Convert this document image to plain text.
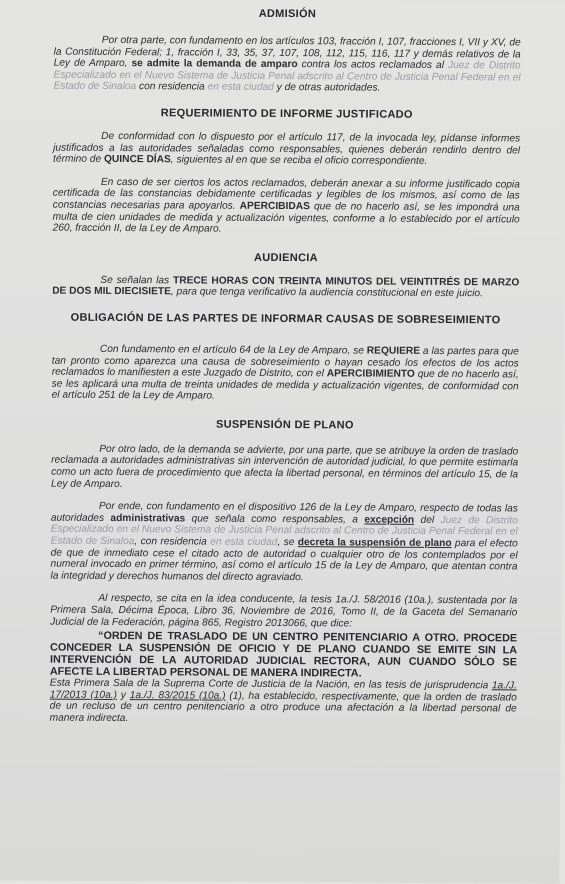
ADMISIÓN

Por otra parte, con fundamento en los artículos 103, fracción I, 107, fracciones I, VII y XV, de la Constitución Federal; 1, fracción I, 33, 35, 37, 107, 108, 112, 115, 116, 117 y demás relativos de la Ley de Amparo, se admite la demanda de amparo contra los actos reclamados al Juez de Distrito Especializado en el Nuevo Sistema de Justicia Penal adscrito al Centro de Justicia Penal Federal en el Estado de Sinaloa con residencia en esta ciudad y de otras autoridades.

REQUERIMIENTO DE INFORME JUSTIFICADO

De conformidad con lo dispuesto por el artículo 117, de la invocada ley, pídanse informes justificados a las autoridades señaladas como responsables, quienes deberán rendirlo dentro del término de QUINCE DÍAS, siguientes al en que se reciba el oficio correspondiente.

En caso de ser ciertos los actos reclamados, deberán anexar a su informe justificado copia certificada de las constancias debidamente certificadas y legibles de los mismos, así como de las constancias necesarias para apoyarlos. APERCIBIDAS que de no hacerlo así, se les impondrá una multa de cien unidades de medida y actualización vigentes, conforme a lo establecido por el artículo 260, fracción II, de la Ley de Amparo.

AUDIENCIA

Se señalan las TRECE HORAS CON TREINTA MINUTOS DEL VEINTITRÉS DE MARZO DE DOS MIL DIECISIETE, para que tenga verificativo la audiencia constitucional en este juicio.

OBLIGACIÓN DE LAS PARTES DE INFORMAR CAUSAS DE SOBRESEIMIENTO

Con fundamento en el artículo 64 de la Ley de Amparo, se REQUIERE a las partes para que tan pronto como aparezca una causa de sobreseimiento o hayan cesado los efectos de los actos reclamados lo manifiesten a este Juzgado de Distrito, con el APERCIBIMIENTO que de no hacerlo así, se les aplicará una multa de treinta unidades de medida y actualización vigentes, de conformidad con el artículo 251 de la Ley de Amparo.

SUSPENSIÓN DE PLANO

Por otro lado, de la demanda se advierte, por una parte, que se atribuye la orden de traslado reclamada a autoridades administrativas sin intervención de autoridad judicial, lo que permite estimarla como un acto fuera de procedimiento que afecta la libertad personal, en términos del artículo 15, de la Ley de Amparo.

Por ende, con fundamento en el dispositivo 126 de la Ley de Amparo, respecto de todas las autoridades administrativas que señala como responsables, a excepción del Juez de Distrito Especializado en el Nuevo Sistema de Justicia Penal adscrito al Centro de Justicia Penal Federal en el Estado de Sinaloa, con residencia en esta ciudad, se decreta la suspensión de plano para el efecto de que de inmediato cese el citado acto de autoridad o cualquier otro de los contemplados por el numeral invocado en primer término, así como el artículo 15 de la Ley de Amparo, que atentan contra la integridad y derechos humanos del directo agraviado.

Al respecto, se cita en la idea conducente, la tesis 1a./J. 58/2016 (10a.), sustentada por la Primera Sala, Décima Época, Libro 36, Noviembre de 2016, Tomo II, de la Gaceta del Semanario Judicial de la Federación, página 865, Registro 2013066, que dice:

“ORDEN DE TRASLADO DE UN CENTRO PENITENCIARIO A OTRO. PROCEDE CONCEDER LA SUSPENSIÓN DE OFICIO Y DE PLANO CUANDO SE EMITE SIN LA INTERVENCIÓN DE LA AUTORIDAD JUDICIAL RECTORA, AUN CUANDO SÓLO SE AFECTE LA LIBERTAD PERSONAL DE MANERA INDIRECTA.

Esta Primera Sala de la Suprema Corte de Justicia de la Nación, en las tesis de jurisprudencia 1a./J. 17/2013 (10a.) y 1a./J. 83/2015 (10a.) (1), ha establecido, respectivamente, que la orden de traslado de un recluso de un centro penitenciario a otro produce una afectación a la libertad personal de manera indirecta.
